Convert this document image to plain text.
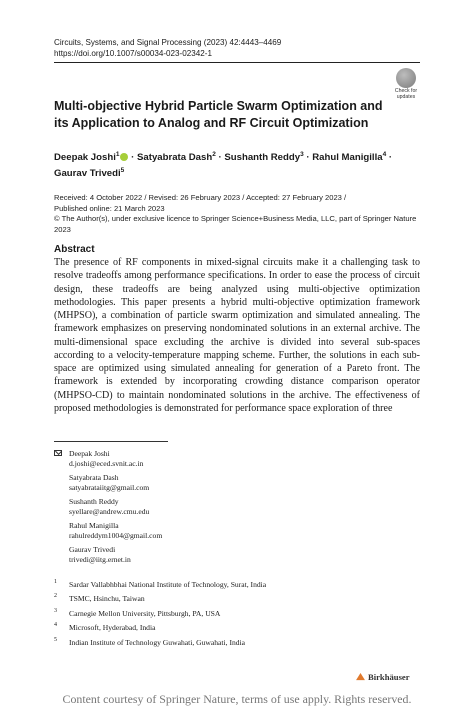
Circuits, Systems, and Signal Processing (2023) 42:4443–4469
https://doi.org/10.1007/s00034-023-02342-1
Check for
updates
Multi-objective Hybrid Particle Swarm Optimization and its Application to Analog and RF Circuit Optimization
Deepak Joshi$^1$ · Satyabrata Dash$^2$ · Sushanth Reddy$^3$ · Rahul Manigilla$^4$ · Gaurav Trivedi$^5$
Received: 4 October 2022 / Revised: 26 February 2023 / Accepted: 27 February 2023 /
Published online: 21 March 2023
© The Author(s), under exclusive licence to Springer Science+Business Media, LLC, part of Springer Nature 2023
Abstract

The presence of RF components in mixed-signal circuits make it a challenging task to resolve tradeoffs among performance specifications. In order to ease the process of circuit design, these tradeoffs are being analyzed using multi-objective optimization methodologies. This paper presents a hybrid multi-objective optimization framework (MHPSO), a combination of particle swarm optimization and simulated annealing. The framework emphasizes on preserving nondominated solutions in an external archive. The multi-dimensional space excluding the archive is divided into several sub-spaces according to a velocity-temperature mapping scheme. Further, the solutions in each sub-space are optimized using simulated annealing for generation of a Pareto front. The framework is extended by incorporating crowding distance comparison operator (MHPSO-CD) to maintain nondominated solutions in the archive. The effectiveness of proposed methodologies is demonstrated for performance space exploration of three

Deepak Joshi
d.joshi@eced.svnit.ac.in
Satyabrata Dash
satyabrataiitg@gmail.com
Sushanth Reddy
syellare@andrew.cmu.edu
Rahul Manigilla
rahulreddym1004@gmail.com
Gaurav Trivedi
trivedi@iitg.ernet.in
1 Sardar Vallabhbhai National Institute of Technology, Surat, India
2 TSMC, Hsinchu, Taiwan
3 Carnegie Mellon University, Pittsburgh, PA, USA
4 Microsoft, Hyderabad, India
5 Indian Institute of Technology Guwahati, Guwahati, India
Birkhäuser
Content courtesy of Springer Nature, terms of use apply. Rights reserved.
